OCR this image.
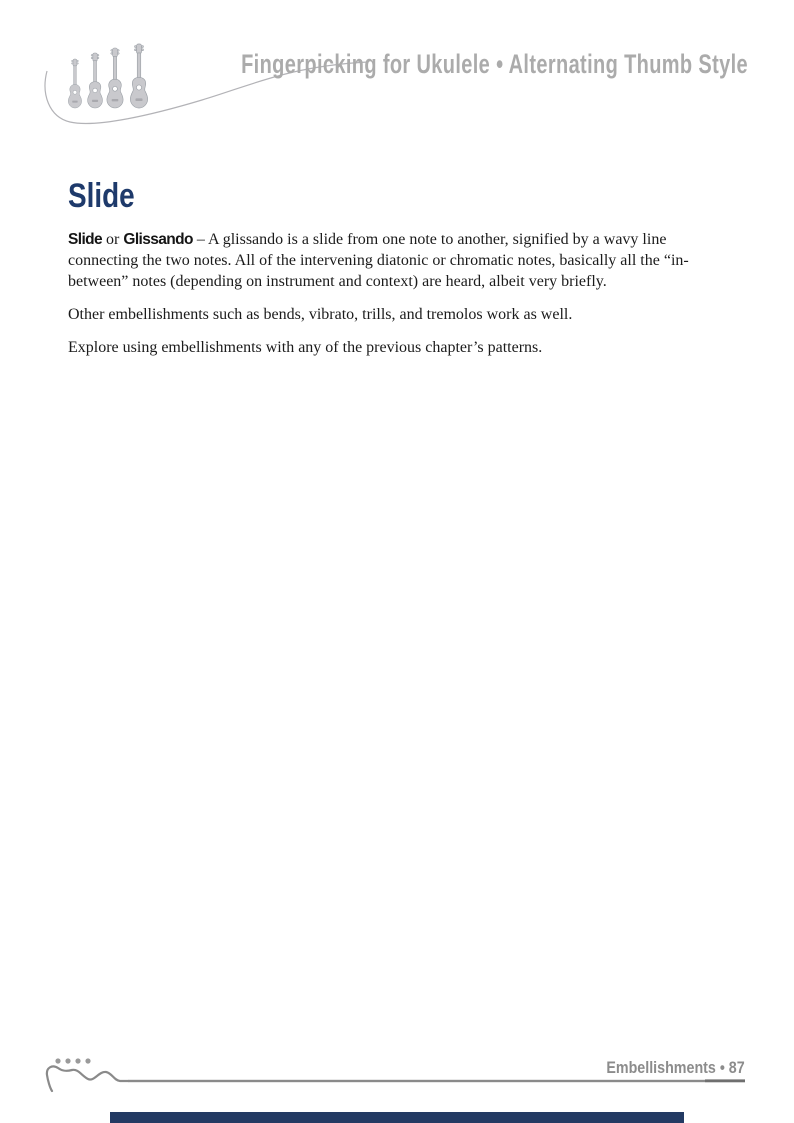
Fingerpicking for Ukulele • Alternating Thumb Style
Slide

Slide or Glissando – A glissando is a slide from one note to another, signified by a wavy line connecting the two notes. All of the intervening diatonic or chromatic notes, basically all the “in-between” notes (depending on instrument and context) are heard, albeit very briefly.

Other embellishments such as bends, vibrato, trills, and tremolos work as well.

Explore using embellishments with any of the previous chapter’s patterns.

Embellishments • 87
